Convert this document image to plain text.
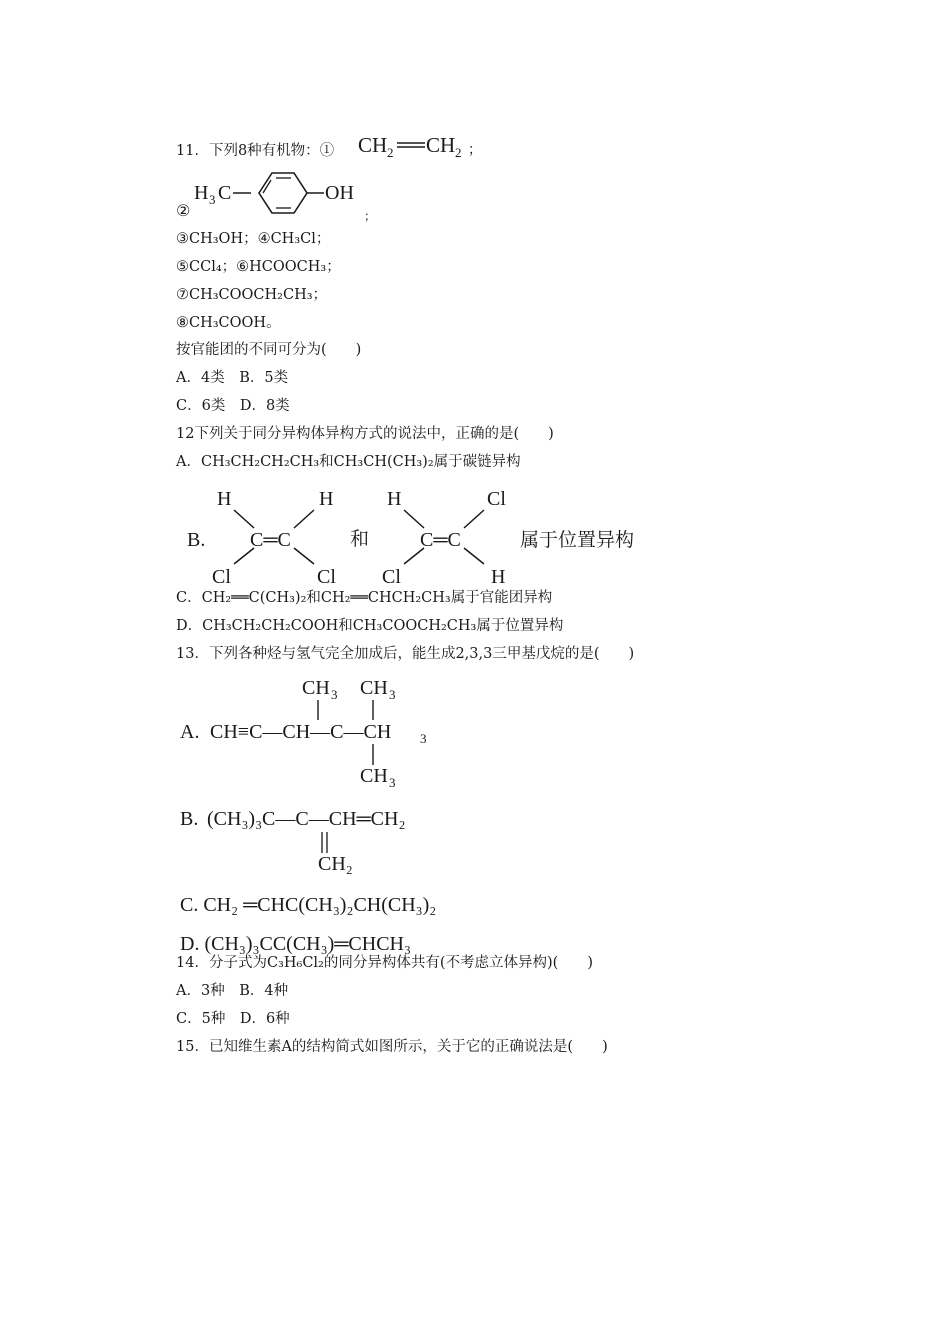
11．下列8种有机物：① CH 2 CH 2 ；
②
H 3 C	OH
；
③CH₃OH；④CH₃Cl；
⑤CCl₄；⑥HCOOCH₃；
⑦CH₃COOCH₂CH₃；
⑧CH₃COOH。
按官能团的不同可分为(　　)
A．4类　B．5类
C．6类　D．8类
12下列关于同分异构体异构方式的说法中，正确的是(　　)
A．CH₃CH₂CH₂CH₃和CH₃CH(CH₃)₂属于碳链异构
B.
H	H
Cl	Cl
C═C	和
H	Cl
Cl	H
C═C	属于位置异构
C．CH₂══C(CH₃)₂和CH₂══CHCH₂CH₃属于官能团异构
D．CH₃CH₂CH₂COOH和CH₃COOCH₂CH₃属于位置异构
13．下列各种烃与氢气完全加成后，能生成2,3,3三甲基戊烷的是(　　)
A. CH≡C—CH—C—CH 3
CH 3 CH 3
CH 3
B. (CH₃)₃C—C—CH═CH₂
CH₂
C. CH₂ ═CHC(CH₃)₂CH(CH₃)₂
D. (CH₃)₃CC(CH₃)═CHCH₃
14．分子式为C₃H₆Cl₂的同分异构体共有(不考虑立体异构)(　　)
A．3种　B．4种
C．5种　D．6种
15．已知维生素A的结构简式如图所示，关于它的正确说法是(　　)
